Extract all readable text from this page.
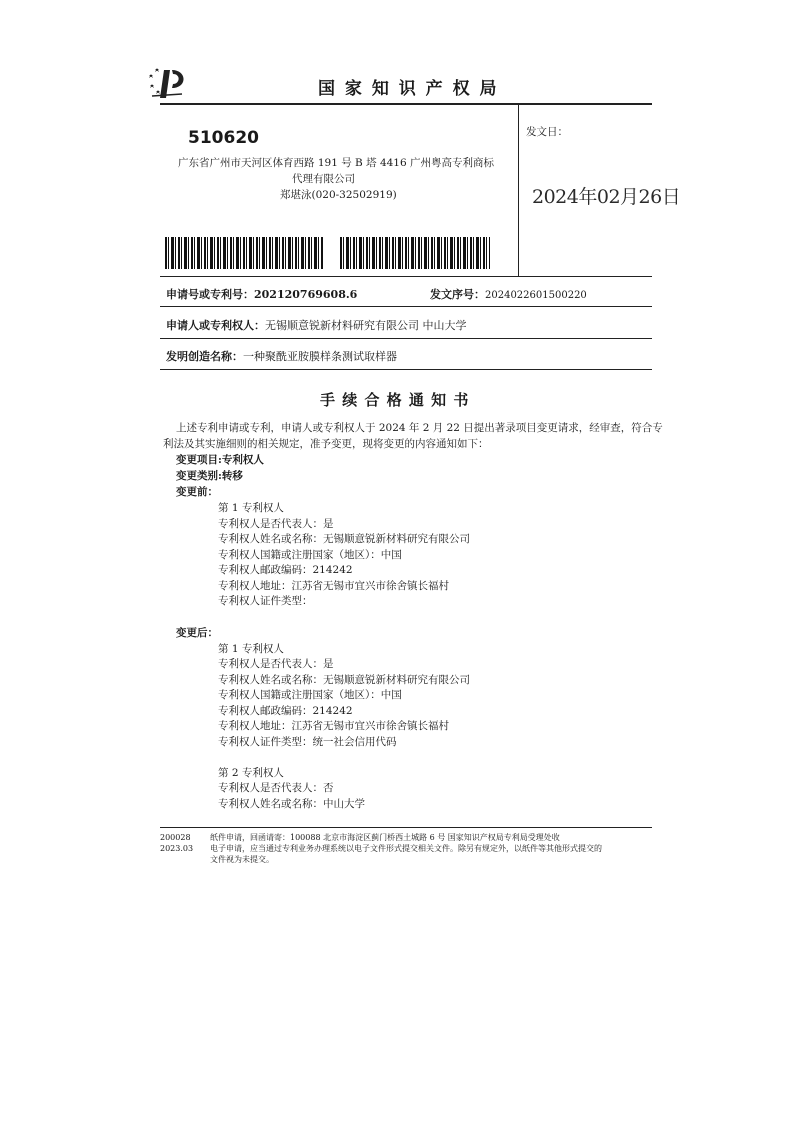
国 家 知 识 产 权 局
510620
广东省广州市天河区体育西路 191 号 B 塔 4416 广州粤高专利商标
代理有限公司
郑堪泳(020-32502919)
发文日：
2024年02月26日
申请号或专利号：202120769608.6	发文序号：2024022601500220
申请人或专利权人：无锡顺意锐新材料研究有限公司 中山大学
发明创造名称：一种聚酰亚胺膜样条测试取样器
手 续 合 格 通 知 书
上述专利申请或专利，申请人或专利权人于 2024 年 2 月 22 日提出著录项目变更请求，经审查，符合专
利法及其实施细则的相关规定，准予变更，现将变更的内容通知如下：
变更项目:专利权人
变更类别:转移
变更前：
第 1 专利权人
专利权人是否代表人：是
专利权人姓名或名称：无锡顺意锐新材料研究有限公司
专利权人国籍或注册国家（地区）：中国
专利权人邮政编码：214242
专利权人地址：江苏省无锡市宜兴市徐舍镇长福村
专利权人证件类型：
变更后：
第 1 专利权人
专利权人是否代表人：是
专利权人姓名或名称：无锡顺意锐新材料研究有限公司
专利权人国籍或注册国家（地区）：中国
专利权人邮政编码：214242
专利权人地址：江苏省无锡市宜兴市徐舍镇长福村
专利权人证件类型：统一社会信用代码
第 2 专利权人
专利权人是否代表人：否
专利权人姓名或名称：中山大学
200028
2023.03
纸件申请，回函请寄：100088 北京市海淀区蓟门桥西土城路 6 号 国家知识产权局专利局受理处收
电子申请，应当通过专利业务办理系统以电子文件形式提交相关文件。除另有规定外，以纸件等其他形式提交的
文件视为未提交。
